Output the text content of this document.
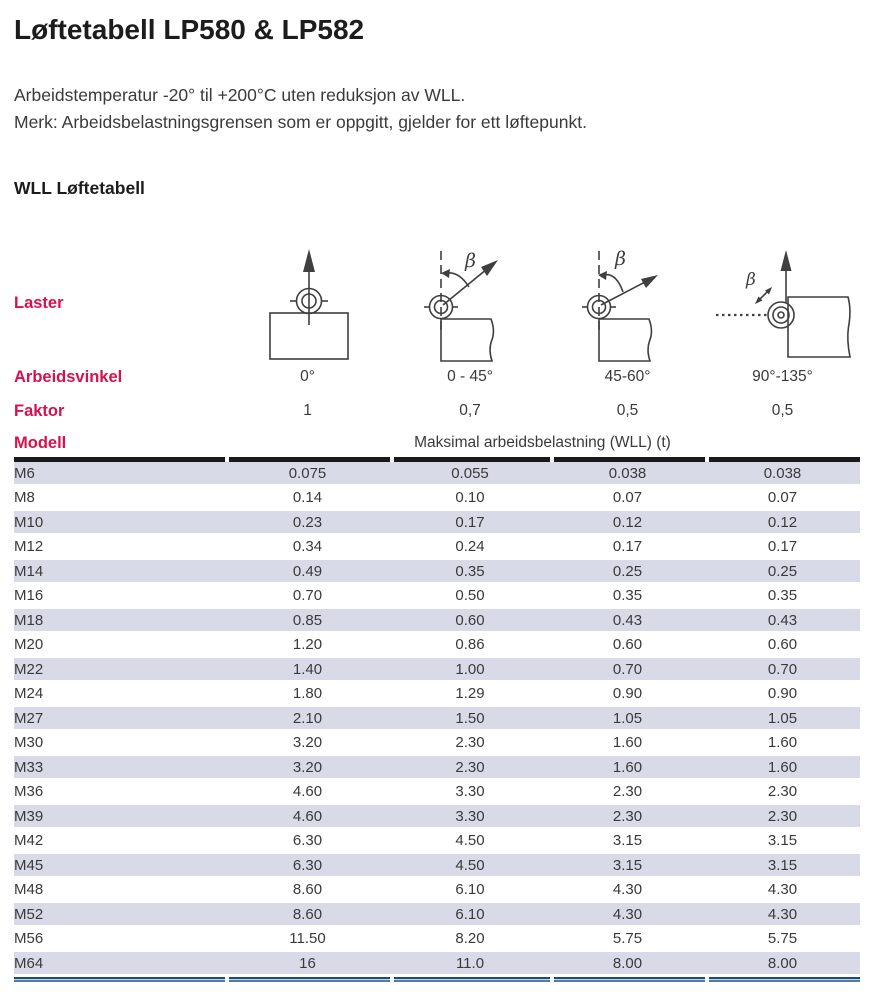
Løftetabell LP580 & LP582

Arbeidstemperatur -20° til +200°C uten reduksjon av WLL.

Merk: Arbeidsbelastningsgrensen som er oppgitt, gjelder for ett løftepunkt.

WLL Løftetabell
Laster
β	β
β
Arbeidsvinkel	0°	0 - 45°	45-60°	90°-135°
Faktor	1	0,7	0,5	0,5
Modell	Maksimal arbeidsbelastning (WLL) (t)
M6	0.075	0.055	0.038	0.038
M8	0.14	0.10	0.07	0.07
M10	0.23	0.17	0.12	0.12
M12	0.34	0.24	0.17	0.17
M14	0.49	0.35	0.25	0.25
M16	0.70	0.50	0.35	0.35
M18	0.85	0.60	0.43	0.43
M20	1.20	0.86	0.60	0.60
M22	1.40	1.00	0.70	0.70
M24	1.80	1.29	0.90	0.90
M27	2.10	1.50	1.05	1.05
M30	3.20	2.30	1.60	1.60
M33	3.20	2.30	1.60	1.60
M36	4.60	3.30	2.30	2.30
M39	4.60	3.30	2.30	2.30
M42	6.30	4.50	3.15	3.15
M45	6.30	4.50	3.15	3.15
M48	8.60	6.10	4.30	4.30
M52	8.60	6.10	4.30	4.30
M56	11.50	8.20	5.75	5.75
M64	16	11.0	8.00	8.00
